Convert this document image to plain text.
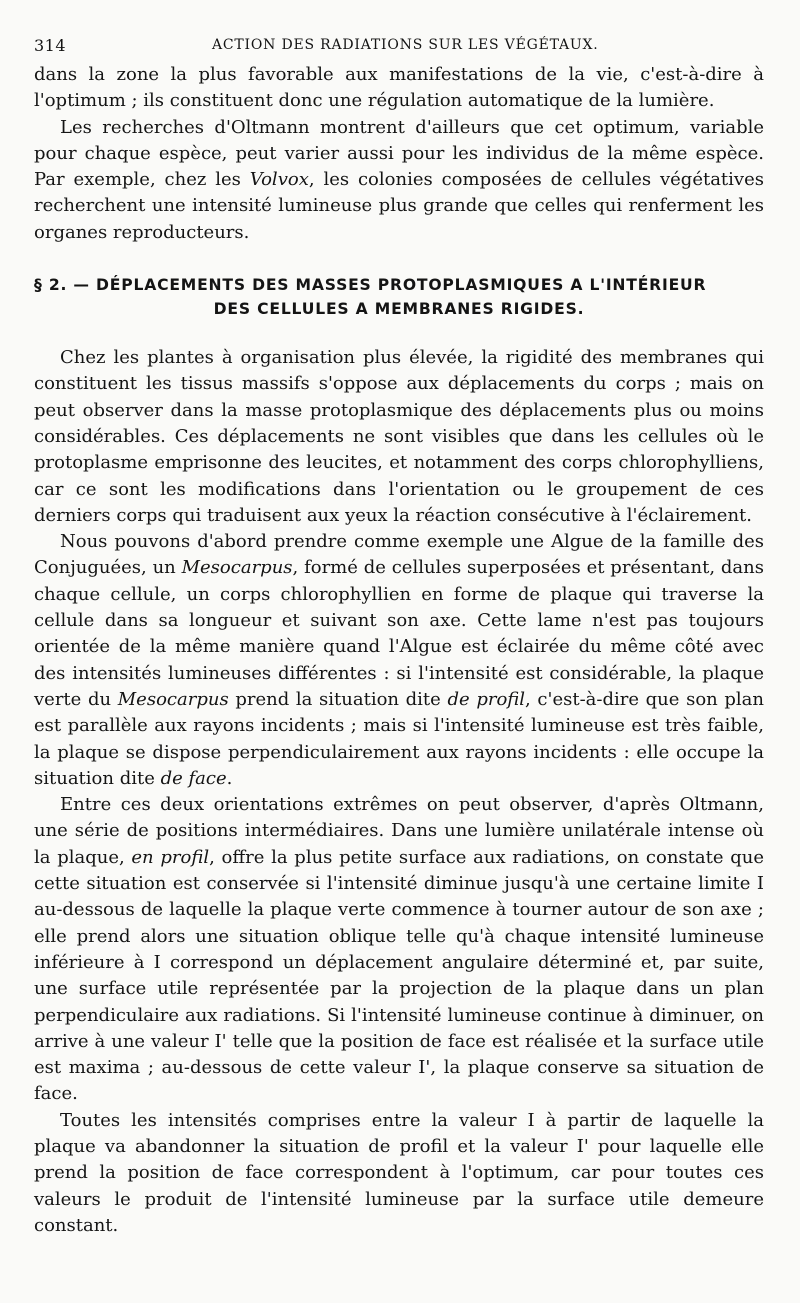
314	ACTION DES RADIATIONS SUR LES VÉGÉTAUX.

dans la zone la plus favorable aux manifestations de la vie, c'est-à-dire à l'optimum ; ils constituent donc une régulation automatique de la lumière.

Les recherches d'Oltmann montrent d'ailleurs que cet optimum, variable pour chaque espèce, peut varier aussi pour les individus de la même espèce. Par exemple, chez les Volvox, les colonies composées de cellules végétatives recherchent une intensité lumineuse plus grande que celles qui renferment les organes reproducteurs.

§ 2. — DÉPLACEMENTS DES MASSES PROTOPLASMIQUES A L'INTÉRIEUR
DES CELLULES A MEMBRANES RIGIDES.

Chez les plantes à organisation plus élevée, la rigidité des membranes qui constituent les tissus massifs s'oppose aux déplacements du corps ; mais on peut observer dans la masse protoplasmique des déplacements plus ou moins considérables. Ces déplacements ne sont visibles que dans les cellules où le protoplasme emprisonne des leucites, et notamment des corps chlorophylliens, car ce sont les modifications dans l'orientation ou le groupement de ces derniers corps qui traduisent aux yeux la réaction consécutive à l'éclairement.

Nous pouvons d'abord prendre comme exemple une Algue de la famille des Conjuguées, un Mesocarpus, formé de cellules superposées et présentant, dans chaque cellule, un corps chlorophyllien en forme de plaque qui traverse la cellule dans sa longueur et suivant son axe. Cette lame n'est pas toujours orientée de la même manière quand l'Algue est éclairée du même côté avec des intensités lumineuses différentes : si l'intensité est considérable, la plaque verte du Mesocarpus prend la situation dite de profil, c'est-à-dire que son plan est parallèle aux rayons incidents ; mais si l'intensité lumineuse est très faible, la plaque se dispose perpendiculairement aux rayons incidents : elle occupe la situation dite de face.

Entre ces deux orientations extrêmes on peut observer, d'après Oltmann, une série de positions intermédiaires. Dans une lumière unilatérale intense où la plaque, en profil, offre la plus petite surface aux radiations, on constate que cette situation est conservée si l'intensité diminue jusqu'à une certaine limite I au-dessous de laquelle la plaque verte commence à tourner autour de son axe ; elle prend alors une situation oblique telle qu'à chaque intensité lumineuse inférieure à I correspond un déplacement angulaire déterminé et, par suite, une surface utile représentée par la projection de la plaque dans un plan perpendiculaire aux radiations. Si l'intensité lumineuse continue à diminuer, on arrive à une valeur I' telle que la position de face est réalisée et la surface utile est maxima ; au-dessous de cette valeur I', la plaque conserve sa situation de face.

Toutes les intensités comprises entre la valeur I à partir de laquelle la plaque va abandonner la situation de profil et la valeur I' pour laquelle elle prend la position de face correspondent à l'optimum, car pour toutes ces valeurs le produit de l'intensité lumineuse par la surface utile demeure constant.
